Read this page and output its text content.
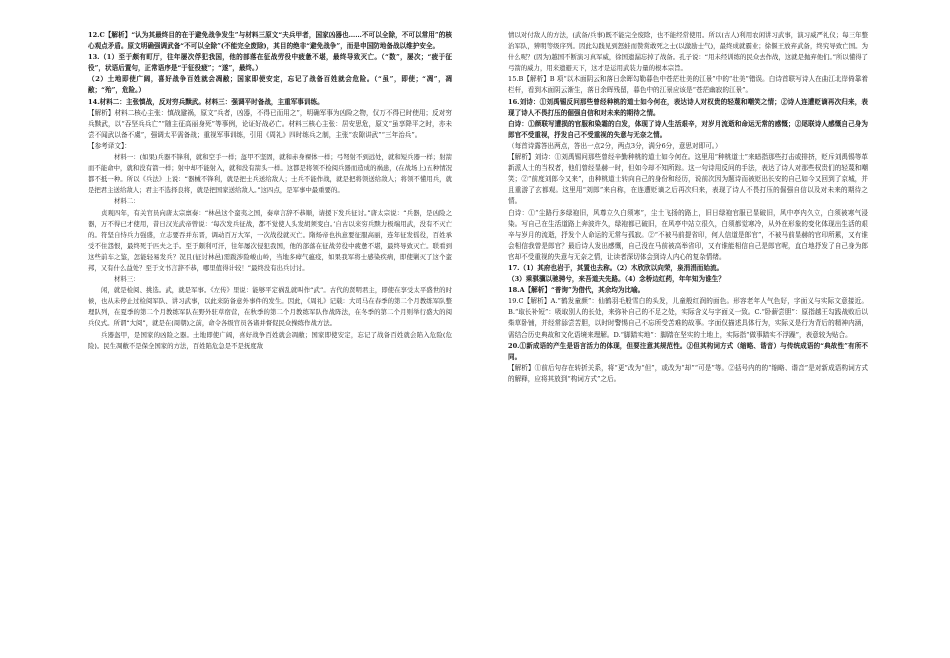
12.C【解析】“认为其最终目的在于避免战争发生”与材料三原文“夫兵甲者，国家凶器也……不可以全除，不可以常用”的核心观点矛盾。原文明确强调武备“不可以全除”(不能完全废除)，其目的绝非“避免战争”，而是申国防地备战以维护安全。

13.（1）至于颇有町厅，往年屡次俘犯我国，他的部落在征战劳役中疲惫不堪，最终导致灭亡。（“数”，屡次；“疲于征役”，状语后置句，正常语序是“于征役疲”；“遂”，最终。）

（2）土地即使广阔，喜好战争百姓就会凋敝；国家即使安定，忘记了战备百姓就会危险。（“虽”，即使；“凋”，凋敝；“殆”，危险。）

14.材料二：主张慎战，反对穷兵黩武。材料三：强调平时备战，主重军事训练。

【解析】材料二核心主张：慎战避祸，原文“兵者，凶器，不得已而用之”，明确军事为凶险之物，仅万不得已时使用；反对穷兵黩武，以“吞坚兵兵亡”“随主征高丽身死”等事例，论证好战必亡。材料三核心主张：居安思危，原文“虽享降平之时，亦未尝不闻武以备不虞”，强调太平需备战；重视军事训练，引用《周礼》四时练兵之制，主张“农隙讲武”“三年治兵”。

【参考译文】：

材料一：(如果)兵器不锋利，就和空手一样；盔甲不坚固，就和赤身裸体一样；弓弩射不到远处，就和短兵器一样；射箭而不能命中，就和没有箭一样；射中却不能射入，就和没有箭头一样。这都是将领不检阅兵器而造成的祸患，(在战场上)五种情况都不抵一种。所以《兵法》上说：“器械不锋利，就是把士兵送给敌人；士兵不能作战，就是把将领送给敌人；将领不懂用兵，就是把君主送给敌人；君主不选择良将，就是把国家送给敌人。”这四点，是军事中最重要的。

材料二：

贞观四年，有关官员向唐太宗禀奏：“林邑这个蛮夷之国，奏章言辞不恭顺，请援下发兵征讨。”唐太宗说：“兵器，是凶险之器，万不得已才使用，昔日汉光武帝曾说：‘每次发兵征战，都不觉使人头发胡须变白。’自古以来穷兵黩力极端用武，没有不灭亡的。符坚自恃兵力强盛，立志要吞并东晋，调动百万大军，一次战役就灭亡。隋炀帝也执意要征服高丽，连年征发徭役，百姓承受不住怨恨，最终死于匹夫之手。至于颇利可汗，往年屡次侵犯我国，他的部落在征战劳役中疲惫不堪，最终导致灭亡。联看到这些前车之鉴，怎能轻易发兵？况且(征讨林邑)需跋涉险峻山岭，当地多瘴气瘟疫，如果我军将士感染疾病，即使剿灭了这个蛮邦，又有什么益处？至于文书言辞不恭，哪里值得计较！”最终没有出兵讨讨。

材料三：

闲，就是检阅、挑选。武，就是军事。《左传》里说：能够平定祸乱就叫作“武”。古代的贤明君主，即使在享受太平盛世的时候，也从未停止过检阅军队、讲习武事，以此来防备意外事件的发生。因此，《周礼》记载：大司马在春季的第二个月教练军队整理队列，在夏季的第二个月教练军队在野外驻草宿营，在秋季的第二个月教练军队作战阵法，在冬季的第二个月则举行盛大的阅兵仪式。所谓“大阅”，就是在(周朝)之前，命令各级官员各诸并督促民众操练作战方法。

兵器盔甲，是国家的凶险之器。土地即使广阔，喜好战争百姓就会凋敝；国家即使安定，忘记了战备百姓就会陷入危险(危险)。民生凋敝不是保全国家的方法，百姓陷危急是不是抚度敌

情以对付敌人的方法，(武备/兵事)既不能完全废除，也不能经常使用。所以(古人)利用农闲讲习武事，演习威严礼仪；每三年整治军队，辨明等级序列。因此勾践见到怒蛙而赞赏敢死之士(以激励士气)，最终成就霸业；徐偃王放弃武备，终究导致亡国。为什么呢？(因为)越国不断演习真军威，徐国遗漏忘掉了战备。孔子说：“用未经训练的民众去作战，这就是抛弃他们。”所以懂得了弓箭的威力，用来遗避天下，这才是运用武装力量的根本宗旨。

15.B【解析】B 项“以木面阴云和落日余晖勾勒暮色中苍茫壮美的江景”中的“壮美”错误。白诗首联写诗人在曲江北岸倚靠着栏杆，看到木面阴云渐生，落日余晖残留，暮色中的江景应该是“苍茫幽寂的江景”。

16.刘诗：①刘禹锡反问那些曾经种桃的道士如今何在，表达诗人对权贵的轻蔑和嘲笑之情；②诗人连遭贬谪再次归来，表现了诗人不畏打压的倔强自信和对未来的期待之情。

白诗：①颜联写遭损的官服和染霜的白发，体现了诗人生活艰辛，对岁月流逝和命运无常的感慨；②尾联诗人感慨自己身为郎官不受重视，抒发自己不受重视的失意与无奈之情。

（每首诗露答出两点，答出一点2分，两点3分，满分6分，意思对即可。）

【解析】刘诗：①刘禹锡问那些曾经辛勤种桃的道士如今何在。这里用“种桃道士”来暗指那些打击或排挤，贬斥刘禹锡等革新派人士的当权者，他们曾经显赫一时，但如今却不知所踪。这一句诗用反问的手法，表达了诗人对那些权贵们的轻蔑和嘲笑；②“前度刘郎今又来”，由种桃道士转向自己的身份和经历，说前次因为题诗而被贬出长安的自己如今又回到了京城，并且重游了玄都观。这里用“刘郎”来自称，在连遭贬谪之后再次归来，表现了诗人不畏打压的倔强自信以及对未来的期待之情。

白诗：①“尘路行多绿袍旧，风尊立久白须寒”，尘土飞扬的路上，旧日绿袍官服已显破旧，风中亭内久立，白须被寒气浸染。写自己在生活道路上奔波许久，绿袍都已破旧，在风亭中站立很久，白须都觉寒冷，从外在形象的变化体现出生活的艰辛与岁月的流逝，抒发个人命运的无常与孤寂。②“不被马前提省印，何人信道是郎官”，不被马前显赫的官印所累，又有谁会相信我曾是郎官？最后诗人发出感慨，自己没在马前被高举省印，又有谁能相信自己是郎官呢，直白地抒发了自己身为郎官却不受重视的失意与无奈之情，让读者深切体会到诗人内心的复杂情绪。

17.（1）其府也岩于，其置也去称。（2）木欣欣以向荣，泉涓涓而始流。

（3）乘骐骥以驰骋兮，来吾道夫先路。（4）念桥边红药，年年知为谁生？

18.A【解析】“普询”为借代，其余均为比喻。

19.C【解析】A.“鹤发童颜”：仙鹤羽毛般雪白的头发，儿童般红润的面色。形容老年人气色好，字面义与实际文意接近。B.“取长补短”：吸取别人的长处，来弥补自己的不足之处，实际含义与字面义一致。C.“卧薪尝胆”：原指越王勾践战败后以柴草卧铺，并经常舔尝苦胆，以时时警惕自己不忘所受苦难的故事。字面仅描述具体行为，实际义是行为背后的精神内涵，需结合历史典故和文化语境来理解。D.“脚踏实地”：脚踏在坚实的土地上，实际指“做事踏实不浮躁”，表意较为贴合。

20.①新成语的产生是语言活力的体现，但要注意其规范性。②但其构词方式（缩略、谐音）与传统成语的“典故性”有所不同。

【解析】①前后句存在转折关系，将“更”改为“但”，或改为“却”“可是”等。②括号内的的“缩略、谐音”是对新成语构词方式的解释，应将其放到“构词方式”之后。
